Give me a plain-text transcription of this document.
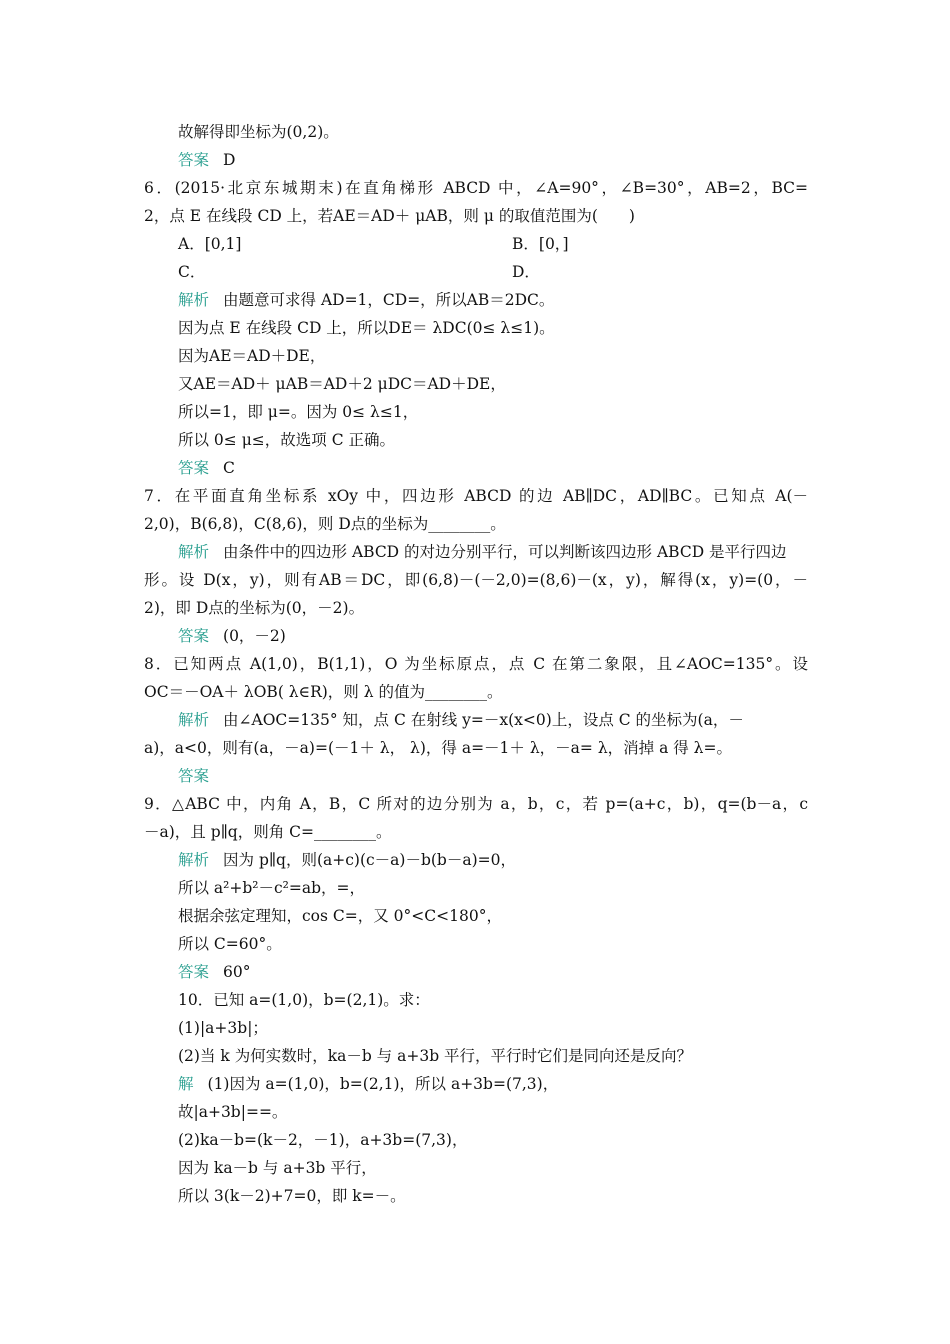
故解得即坐标为(0,2)。
答案 D
6．(2015·北京东城期末)在直角梯形 ABCD 中，∠A=90°，∠B=30°，AB=2，BC=
2，点 E 在线段 CD 上，若AE＝AD＋ μAB，则 μ 的取值范围为(　　)
A．[0,1]	B．[0，]
C．	D．
解析 由题意可求得 AD=1，CD=，所以AB＝2DC。
因为点 E 在线段 CD 上，所以DE＝ λDC(0≤ λ≤1)。
因为AE＝AD＋DE，
又AE＝AD＋ μAB＝AD＋2 μDC＝AD＋DE，
所以=1，即 μ=。因为 0≤ λ≤1，
所以 0≤ μ≤，故选项 C 正确。
答案 C
7．在平面直角坐标系 xOy 中，四边形 ABCD 的边 AB∥DC，AD∥BC。已知点 A(－
2,0)，B(6,8)，C(8,6)，则 D点的坐标为________。
解析 由条件中的四边形 ABCD 的对边分别平行，可以判断该四边形 ABCD 是平行四边
形。设 D(x，y)，则有AB＝DC，即(6,8)－(－2,0)=(8,6)－(x，y)，解得(x，y)=(0，－
2)，即 D点的坐标为(0，－2)。
答案 (0，－2)
8．已知两点 A(1,0)，B(1,1)，O 为坐标原点，点 C 在第二象限，且∠AOC=135°。设
OC＝－OA＋ λOB( λ∈R)，则 λ 的值为________。
解析 由∠AOC=135° 知，点 C 在射线 y=－x(x<0)上，设点 C 的坐标为(a，－
a)，a<0，则有(a，－a)=(－1＋ λ， λ)，得 a=－1＋ λ，－a= λ，消掉 a 得 λ=。
答案
9．△ABC 中，内角 A，B，C 所对的边分别为 a，b，c，若 p=(a+c，b)，q=(b－a，c
－a)，且 p∥q，则角 C=________。
解析 因为 p∥q，则(a+c)(c－a)－b(b－a)=0，
所以 a²+b²－c²=ab，=，
根据余弦定理知，cos C=，又 0°<C<180°，
所以 C=60°。
答案 60°
10．已知 a=(1,0)，b=(2,1)。求：
(1)|a+3b|；
(2)当 k 为何实数时，ka－b 与 a+3b 平行，平行时它们是同向还是反向？
解 (1)因为 a=(1,0)，b=(2,1)，所以 a+3b=(7,3)，
故|a+3b|==。
(2)ka－b=(k－2，－1)，a+3b=(7,3)，
因为 ka－b 与 a+3b 平行，
所以 3(k－2)+7=0，即 k=－。
